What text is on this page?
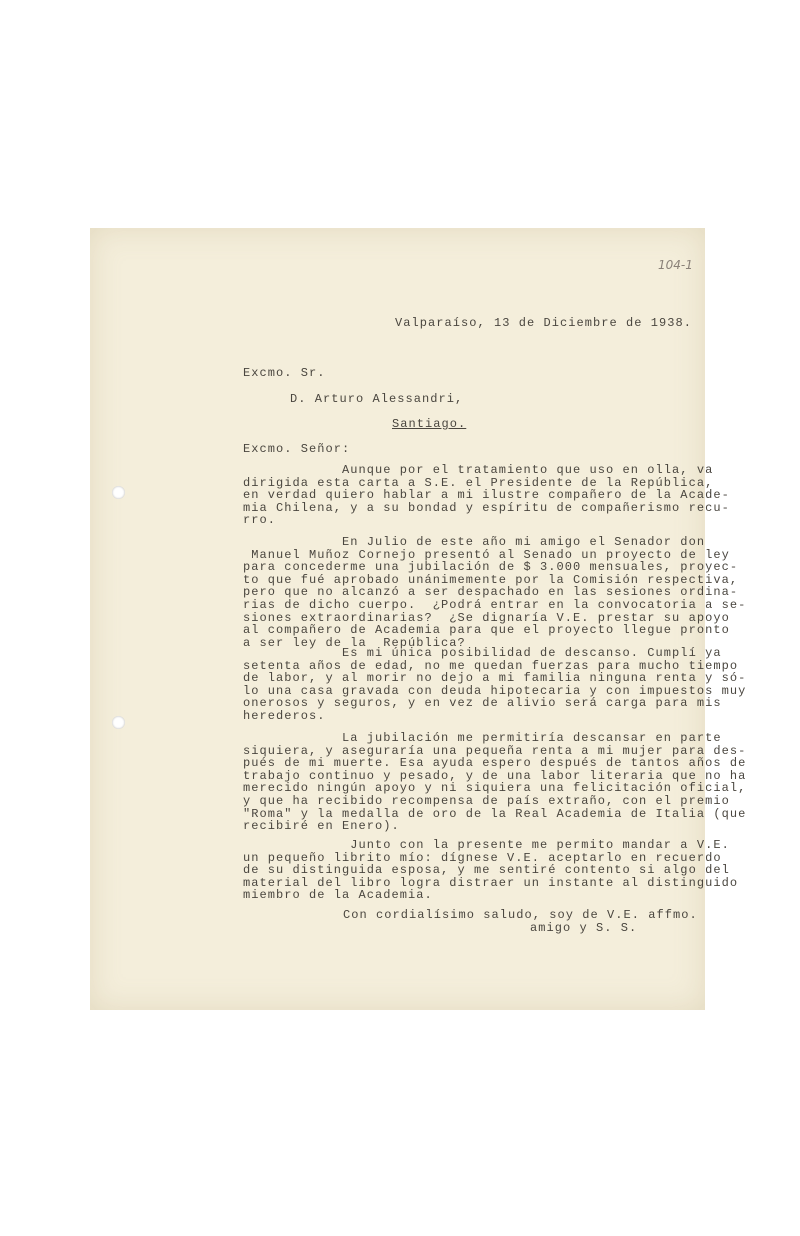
104-1
Valparaíso, 13 de Diciembre de 1938.
Excmo. Sr.
D. Arturo Alessandri,
Santiago.
Excmo. Señor:
Aunque por el tratamiento que uso en olla, va
dirigida esta carta a S.E. el Presidente de la República,
en verdad quiero hablar a mi ilustre compañero de la Acade-
mia Chilena, y a su bondad y espíritu de compañerismo recu-
rro.
En Julio de este año mi amigo el Senador don
Manuel Muñoz Cornejo presentó al Senado un proyecto de ley
para concederme una jubilación de $ 3.000 mensuales, proyec-
to que fué aprobado unánimemente por la Comisión respectiva,
pero que no alcanzó a ser despachado en las sesiones ordina-
rias de dicho cuerpo.  ¿Podrá entrar en la convocatoria a se-
siones extraordinarias?  ¿Se dignaría V.E. prestar su apoyo
al compañero de Academia para que el proyecto llegue pronto
a ser ley de la  República?
Es mi única posibilidad de descanso. Cumplí ya
setenta años de edad, no me quedan fuerzas para mucho tiempo
de labor, y al morir no dejo a mi familia ninguna renta y só-
lo una casa gravada con deuda hipotecaria y con impuestos muy
onerosos y seguros, y en vez de alivio será carga para mis
herederos.
La jubilación me permitiría descansar en parte
siquiera, y aseguraría una pequeña renta a mi mujer para des-
pués de mi muerte. Esa ayuda espero después de tantos años de
trabajo continuo y pesado, y de una labor literaria que no ha
merecido ningún apoyo y ni siquiera una felicitación oficial,
y que ha recibido recompensa de país extraño, con el premio
"Roma" y la medalla de oro de la Real Academia de Italia (que
recibiré en Enero).
Junto con la presente me permito mandar a V.E.
un pequeño librito mío: dígnese V.E. aceptarlo en recuerdo
de su distinguida esposa, y me sentiré contento si algo del
material del libro logra distraer un instante al distinguido
miembro de la Academia.
Con cordialísimo saludo, soy de V.E. affmo.
amigo y S. S.
